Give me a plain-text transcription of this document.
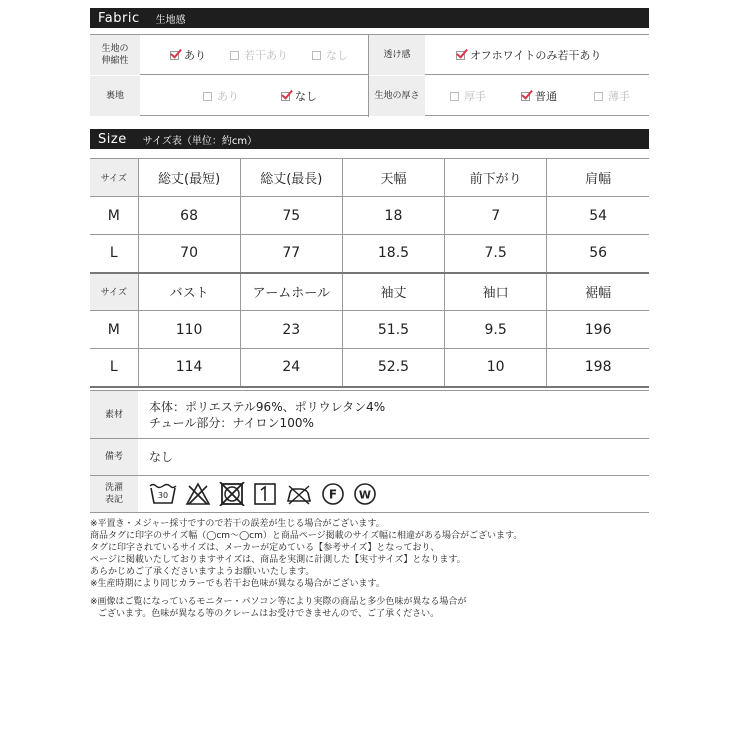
Fabric	生地感
生地の
伸縮性	あり	若干あり	なし	透け感	オフホワイトのみ若干あり
裏地	あり	なし	生地の厚さ	厚手	普通	薄手
Size	サイズ表（単位：約cm）
サイズ	総丈(最短)	総丈(最長)	天幅	前下がり	肩幅
M	68	75	18	7	54
L	70	77	18.5	7.5	56
サイズ	バスト	アームホール	袖丈	袖口	裾幅
M	110	23	51.5	9.5	196
L	114	24	52.5	10	198
素材	本体：ポリエステル96%、ポリウレタン4%
チュール部分：ナイロン100%

備考	なし
洗濯
表記	30 F W
※平置き・メジャー採寸ですので若干の誤差が生じる場合がございます。
商品タグに印字のサイズ幅（◯cm〜◯cm）と商品ページ掲載のサイズ幅に相違がある場合がございます。
タグに印字されているサイズは、メーカーが定めている【参考サイズ】となっており、
ページに掲載いたしておりますサイズは、商品を実測に計測した【実寸サイズ】となります。
あらかじめご了承くださいますようお願いいたします。
※生産時期により同じカラーでも若干お色味が異なる場合がございます。
※画像はご覧になっているモニター・パソコン等により実際の商品と多少色味が異なる場合が
ございます。色味が異なる等のクレームはお受けできませんので、ご了承ください。
